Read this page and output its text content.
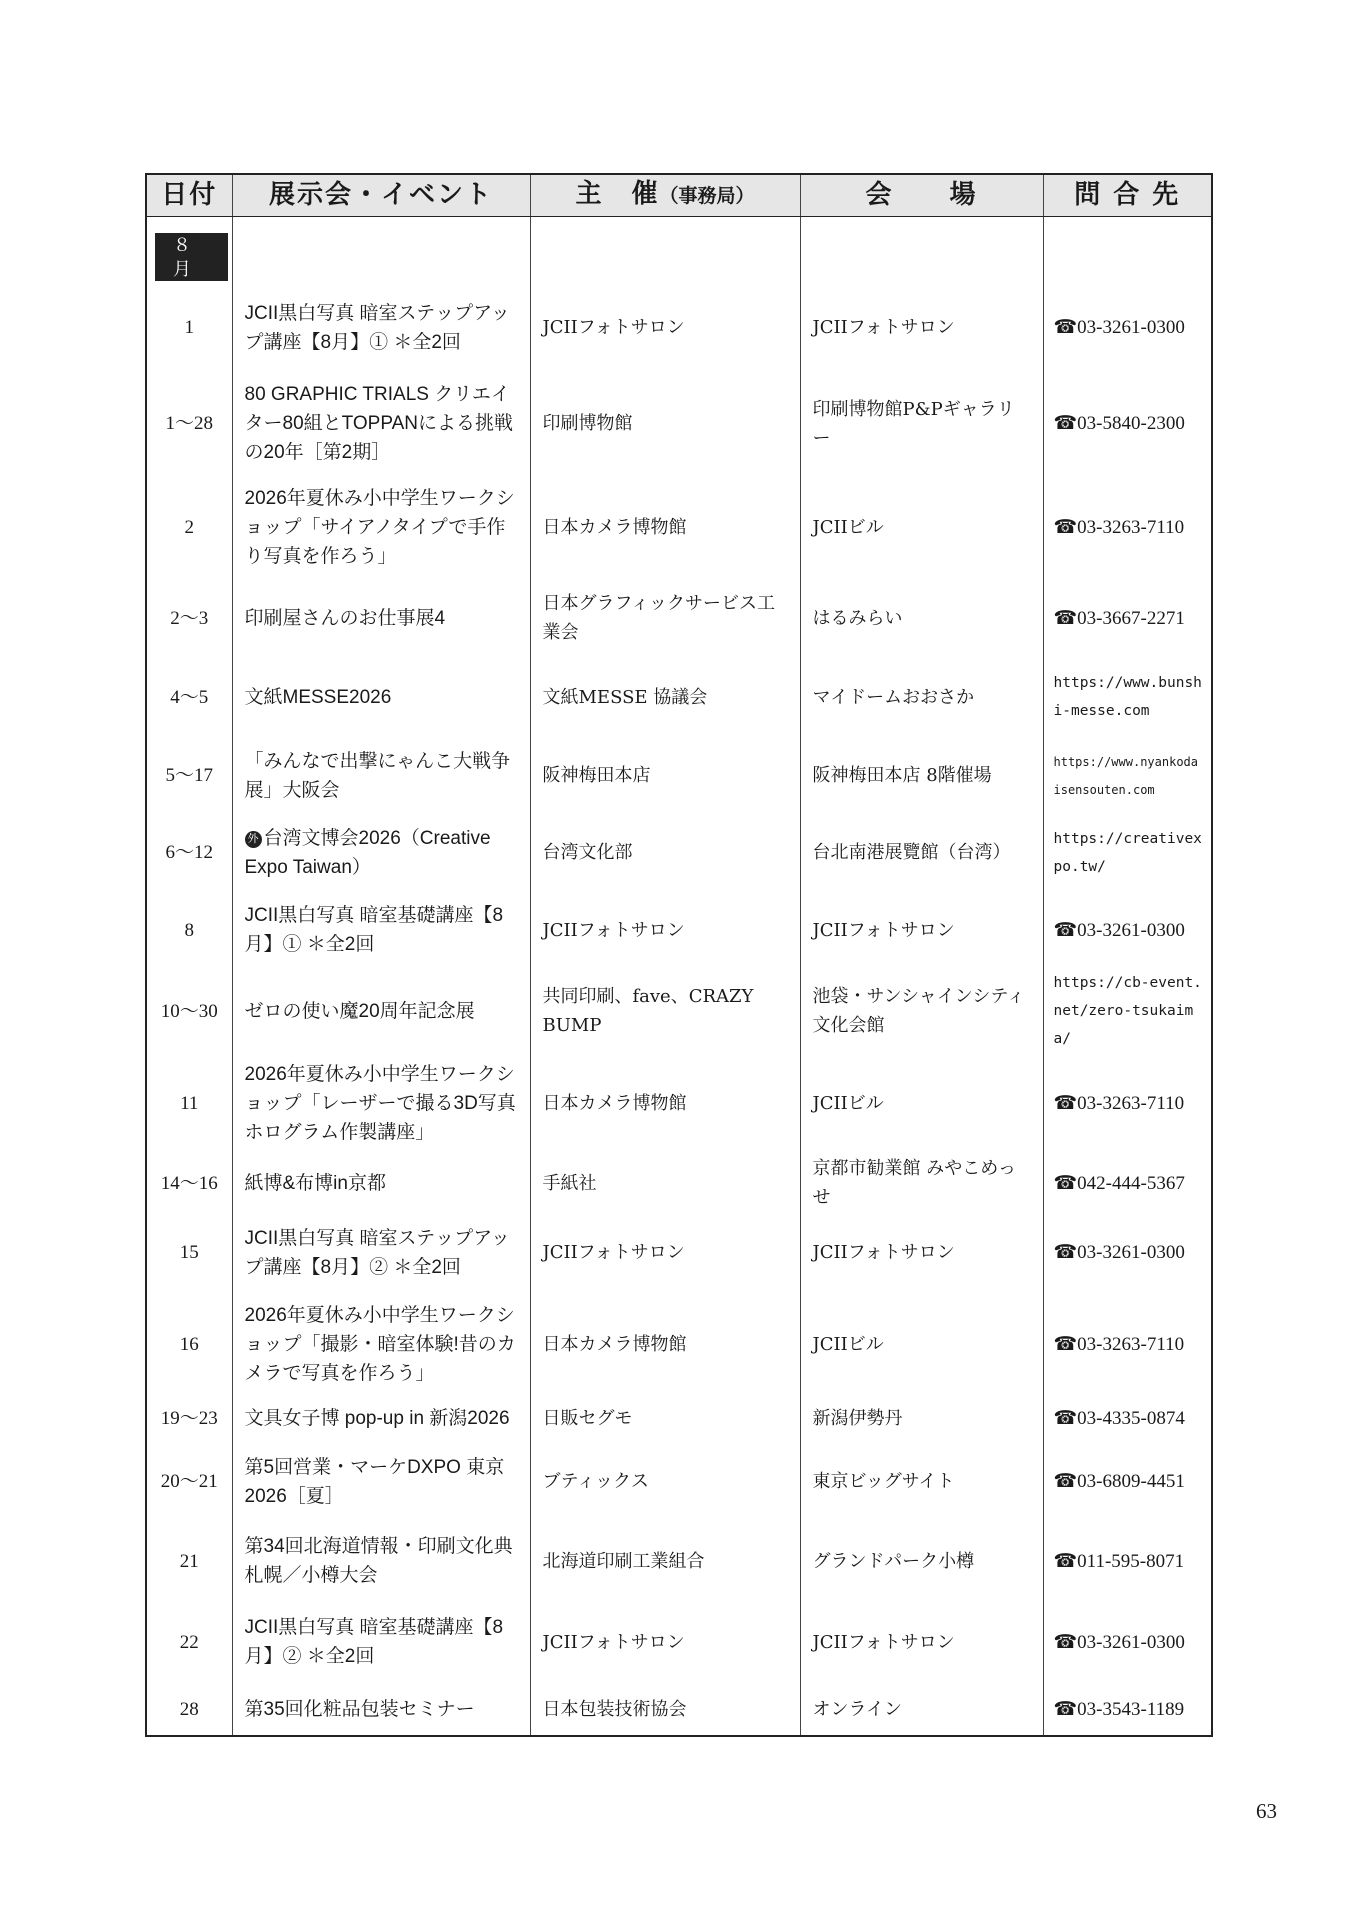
日付	展示会・イベント	主　催（事務局）	会　　場	問 合 先
８月				
1	JCII黒白写真 暗室ステップアップ講座【8月】① ＊全2回	JCIIフォトサロン	JCIIフォトサロン	☎03-3261-0300
1～28	80 GRAPHIC TRIALS クリエイター80組とTOPPANによる挑戦の20年［第2期］	印刷博物館	印刷博物館P&Pギャラリー	☎03-5840-2300
2	2026年夏休み小中学生ワークショップ「サイアノタイプで手作り写真を作ろう」	日本カメラ博物館	JCIIビル	☎03-3263-7110
2～3	印刷屋さんのお仕事展4	日本グラフィックサービス工業会	はるみらい	☎03-3667-2271
4～5	文紙MESSE2026	文紙MESSE 協議会	マイドームおおさか	https://www.bunshi-messe.com
5～17	「みんなで出撃にゃんこ大戦争展」大阪会	阪神梅田本店	阪神梅田本店 8階催場	https://www.nyankodaisensouten.com
6～12	外 台湾文博会2026（Creative Expo Taiwan）	台湾文化部	台北南港展覽館（台湾）	https://creativexpo.tw/
8	JCII黒白写真 暗室基礎講座【8月】① ＊全2回	JCIIフォトサロン	JCIIフォトサロン	☎03-3261-0300
10～30	ゼロの使い魔20周年記念展	共同印刷、fave、CRAZY BUMP	池袋・サンシャインシティ文化会館	https://cb-event.net/zero-tsukaima/
11	2026年夏休み小中学生ワークショップ「レーザーで撮る3D写真 ホログラム作製講座」	日本カメラ博物館	JCIIビル	☎03-3263-7110
14～16	紙博&布博in京都	手紙社	京都市勧業館 みやこめっせ	☎042-444-5367
15	JCII黒白写真 暗室ステップアップ講座【8月】② ＊全2回	JCIIフォトサロン	JCIIフォトサロン	☎03-3261-0300
16	2026年夏休み小中学生ワークショップ「撮影・暗室体験!昔のカメラで写真を作ろう」	日本カメラ博物館	JCIIビル	☎03-3263-7110
19～23	文具女子博 pop-up in 新潟2026	日販セグモ	新潟伊勢丹	☎03-4335-0874
20～21	第5回営業・マーケDXPO 東京2026［夏］	ブティックス	東京ビッグサイト	☎03-6809-4451
21	第34回北海道情報・印刷文化典 札幌／小樽大会	北海道印刷工業組合	グランドパーク小樽	☎011-595-8071
22	JCII黒白写真 暗室基礎講座【8月】② ＊全2回	JCIIフォトサロン	JCIIフォトサロン	☎03-3261-0300
28	第35回化粧品包装セミナー	日本包装技術協会	オンライン	☎03-3543-1189
63
